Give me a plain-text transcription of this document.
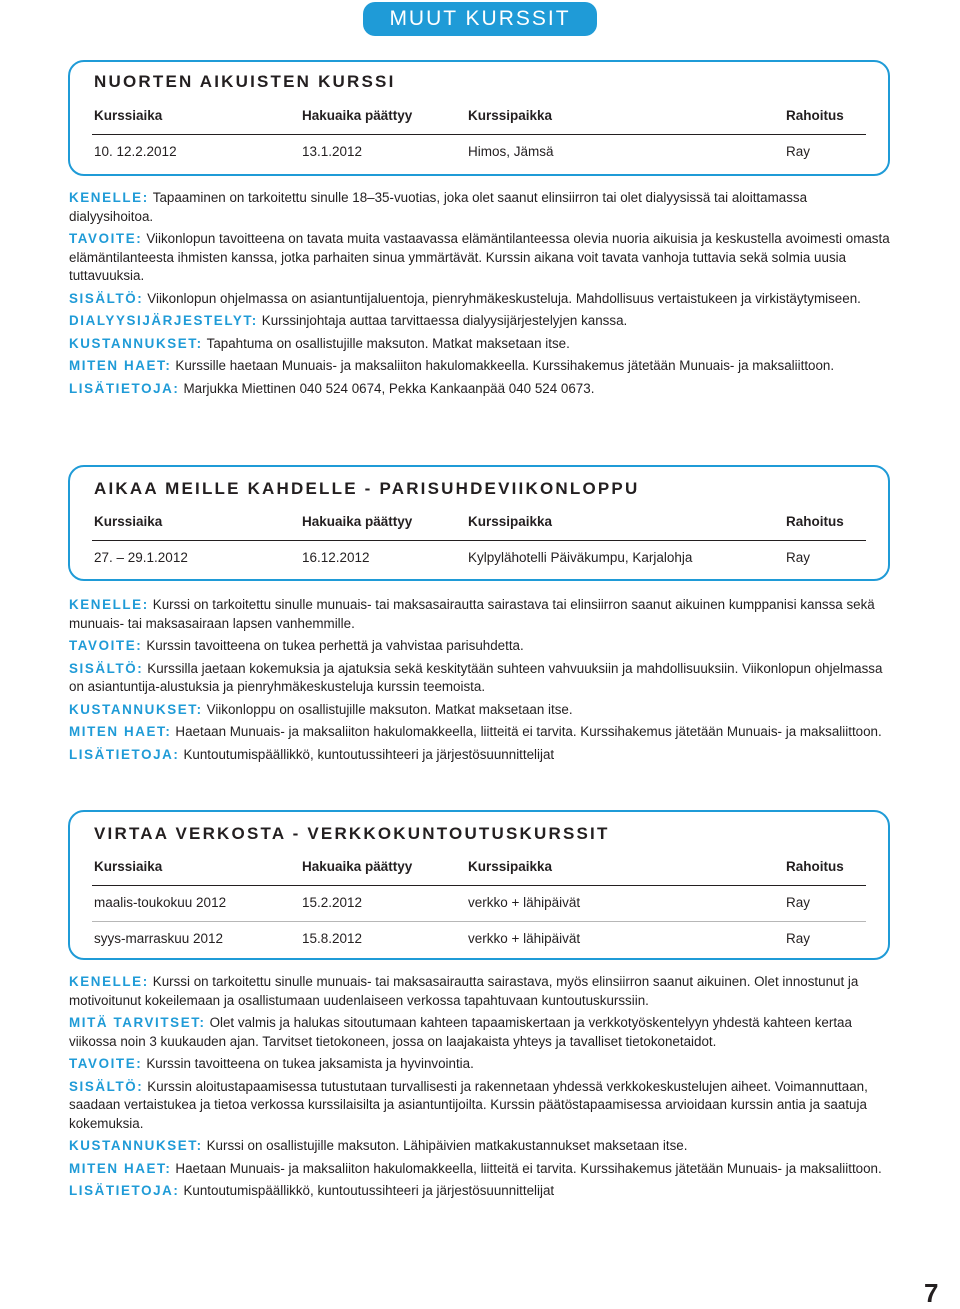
MUUT KURSSIT
NUORTEN AIKUISTEN KURSSI
Kurssiaika	Hakuaika päättyy	Kurssipaikka	Rahoitus
10. 12.2.2012	13.1.2012	Himos, Jämsä	Ray

KENELLE: Tapaaminen on tarkoitettu sinulle 18–35-vuotias, joka olet saanut elinsiirron tai olet dialyysissä tai aloittamassa dialyysihoitoa.

TAVOITE: Viikonlopun tavoitteena on tavata muita vastaavassa elämäntilanteessa olevia nuoria aikuisia ja keskustella avoimesti omasta elämäntilanteesta ihmisten kanssa, jotka parhaiten sinua ymmärtävät. Kurssin aikana voit tavata vanhoja tuttavia sekä solmia uusia tuttavuuksia.

SISÄLTÖ: Viikonlopun ohjelmassa on asiantuntijaluentoja, pienryhmäkeskusteluja. Mahdollisuus vertaistukeen ja virkistäytymiseen.

DIALYYSIJÄRJESTELYT: Kurssinjohtaja auttaa tarvittaessa dialyysijärjestelyjen kanssa.

KUSTANNUKSET: Tapahtuma on osallistujille maksuton. Matkat maksetaan itse.

MITEN HAET: Kurssille haetaan Munuais- ja maksaliiton hakulomakkeella. Kurssihakemus jätetään Munuais- ja maksaliittoon.

LISÄTIETOJA: Marjukka Miettinen 040 524 0674, Pekka Kankaanpää 040 524 0673.

AIKAA MEILLE KAHDELLE - PARISUHDEVIIKONLOPPU
Kurssiaika	Hakuaika päättyy	Kurssipaikka	Rahoitus
27. – 29.1.2012	16.12.2012	Kylpylähotelli Päiväkumpu, Karjalohja	Ray

KENELLE: Kurssi on tarkoitettu sinulle munuais- tai maksasairautta sairastava tai elinsiirron saanut aikuinen kumppanisi kanssa sekä munuais- tai maksasairaan lapsen vanhemmille.

TAVOITE: Kurssin tavoitteena on tukea perhettä ja vahvistaa parisuhdetta.

SISÄLTÖ: Kurssilla jaetaan kokemuksia ja ajatuksia sekä keskitytään suhteen vahvuuksiin ja mahdollisuuksiin. Viikonlopun ohjelmassa on asiantuntija-alustuksia ja pienryhmäkeskusteluja kurssin teemoista.

KUSTANNUKSET: Viikonloppu on osallistujille maksuton. Matkat maksetaan itse.

MITEN HAET: Haetaan Munuais- ja maksaliiton hakulomakkeella, liitteitä ei tarvita. Kurssihakemus jätetään Munuais- ja maksaliittoon.

LISÄTIETOJA: Kuntoutumispäällikkö, kuntoutussihteeri ja järjestösuunnittelijat

VIRTAA VERKOSTA - VERKKOKUNTOUTUSKURSSIT
Kurssiaika	Hakuaika päättyy	Kurssipaikka	Rahoitus
maalis-toukokuu 2012	15.2.2012	verkko + lähipäivät	Ray
syys-marraskuu 2012	15.8.2012	verkko + lähipäivät	Ray

KENELLE: Kurssi on tarkoitettu sinulle munuais- tai maksasairautta sairastava, myös elinsiirron saanut aikuinen. Olet innostunut ja motivoitunut kokeilemaan ja osallistumaan uudenlaiseen verkossa tapahtuvaan kuntoutuskurssiin.

MITÄ TARVITSET: Olet valmis ja halukas sitoutumaan kahteen tapaamiskertaan ja verkkotyöskentelyyn yhdestä kahteen kertaa viikossa noin 3 kuukauden ajan. Tarvitset tietokoneen, jossa on laajakaista yhteys ja tavalliset tietokonetaidot.

TAVOITE: Kurssin tavoitteena on tukea jaksamista ja hyvinvointia.

SISÄLTÖ: Kurssin aloitustapaamisessa tutustutaan turvallisesti ja rakennetaan yhdessä verkkokeskustelujen aiheet. Voimannuttaan, saadaan vertaistukea ja tietoa verkossa kurssilaisilta ja asiantuntijoilta. Kurssin päätöstapaamisessa arvioidaan kurssin antia ja saatuja kokemuksia.

KUSTANNUKSET: Kurssi on osallistujille maksuton. Lähipäivien matkakustannukset maksetaan itse.

MITEN HAET: Haetaan Munuais- ja maksaliiton hakulomakkeella, liitteitä ei tarvita. Kurssihakemus jätetään Munuais- ja maksaliittoon.

LISÄTIETOJA: Kuntoutumispäällikkö, kuntoutussihteeri ja järjestösuunnittelijat

7
